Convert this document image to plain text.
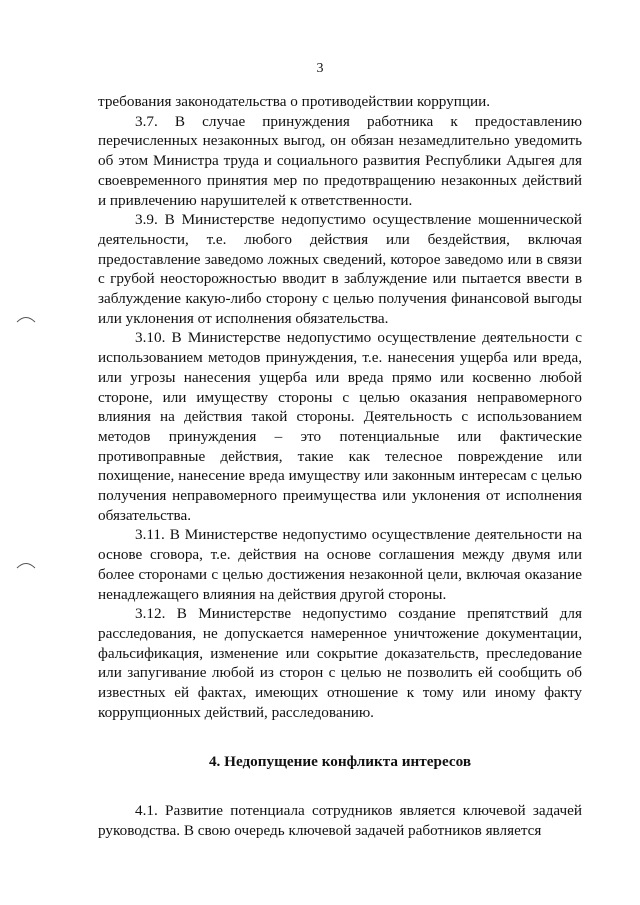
3

требования законодательства о противодействии коррупции.

3.7. В случае принуждения работника к предоставлению перечисленных незаконных выгод, он обязан незамедлительно уведомить об этом Министра труда и социального развития Республики Адыгея для своевременного принятия мер по предотвращению незаконных действий и привлечению нарушителей к ответственности.

3.9. В Министерстве недопустимо осуществление мошеннической деятельности, т.е. любого действия или бездействия, включая предоставление заведомо ложных сведений, которое заведомо или в связи с грубой неосторожностью вводит в заблуждение или пытается ввести в заблуждение какую-либо сторону с целью получения финансовой выгоды или уклонения от исполнения обязательства.

3.10. В Министерстве недопустимо осуществление деятельности с использованием методов принуждения, т.е. нанесения ущерба или вреда, или угрозы нанесения ущерба или вреда прямо или косвенно любой стороне, или имуществу стороны с целью оказания неправомерного влияния на действия такой стороны. Деятельность с использованием методов принуждения – это потенциальные или фактические противоправные действия, такие как телесное повреждение или похищение, нанесение вреда имуществу или законным интересам с целью получения неправомерного преимущества или уклонения от исполнения обязательства.

3.11. В Министерстве недопустимо осуществление деятельности на основе сговора, т.е. действия на основе соглашения между двумя или более сторонами с целью достижения незаконной цели, включая оказание ненадлежащего влияния на действия другой стороны.

3.12. В Министерстве недопустимо создание препятствий для расследования, не допускается намеренное уничтожение документации, фальсификация, изменение или сокрытие доказательств, преследование или запугивание любой из сторон с целью не позволить ей сообщить об известных ей фактах, имеющих отношение к тому или иному факту коррупционных действий, расследованию.

4. Недопущение конфликта интересов

4.1. Развитие потенциала сотрудников является ключевой задачей руководства. В свою очередь ключевой задачей работников является
